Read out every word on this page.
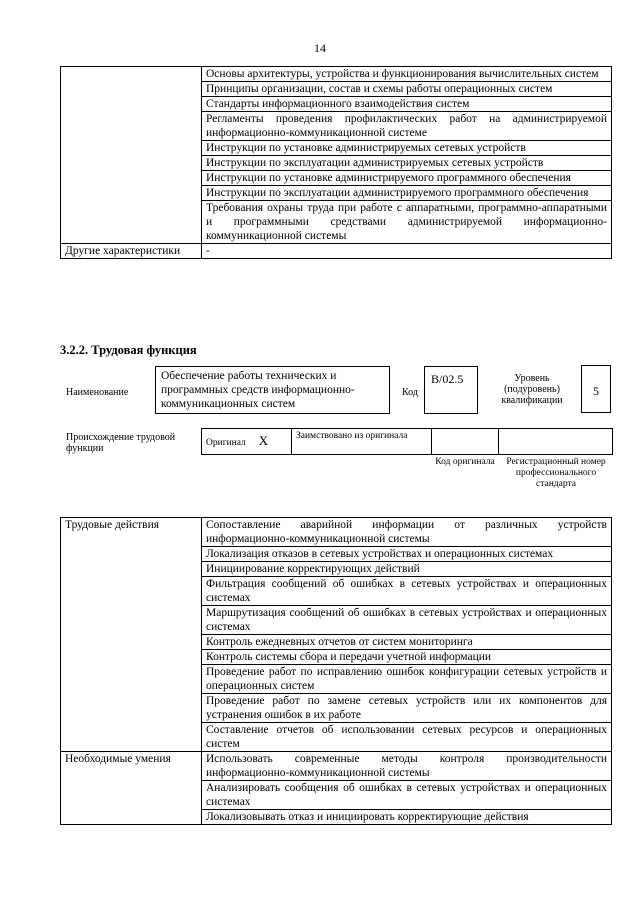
14
	Основы архитектуры, устройства и функционирования вычислительных систем
	Принципы организации, состав и схемы работы операционных систем
	Стандарты информационного взаимодействия систем
	Регламенты проведения профилактических работ на администрируемой информационно-коммуникационной системе
	Инструкции по установке администрируемых сетевых устройств
	Инструкции по эксплуатации администрируемых сетевых устройств
	Инструкции по установке администрируемого программного обеспечения
	Инструкции по эксплуатации администрируемого программного обеспечения
	Требования охраны труда при работе с аппаратными, программно-аппаратными и программными средствами администрируемой информационно-коммуникационной системы
Другие характеристики	-
3.2.2. Трудовая функция
Наименование
Обеспечение работы технических и программных средств информационно-коммуникационных систем
Код
B/02.5	Уровень (подуровень) квалификации
5
Происхождение трудовой функции	Оригинал X	Заимствовано из оригинала		
Код оригинала	Регистрационный номер профессионального стандарта
Трудовые действия	Сопоставление аварийной информации от различных устройств информационно-коммуникационной системы
	Локализация отказов в сетевых устройствах и операционных системах
	Инициирование корректирующих действий
	Фильтрация сообщений об ошибках в сетевых устройствах и операционных системах
	Маршрутизация сообщений об ошибках в сетевых устройствах и операционных системах
	Контроль ежедневных отчетов от систем мониторинга
	Контроль системы сбора и передачи учетной информации
	Проведение работ по исправлению ошибок конфигурации сетевых устройств и операционных систем
	Проведение работ по замене сетевых устройств или их компонентов для устранения ошибок в их работе
	Составление отчетов об использовании сетевых ресурсов и операционных систем
Необходимые умения	Использовать современные методы контроля производительности информационно-коммуникационной системы
	Анализировать сообщения об ошибках в сетевых устройствах и операционных системах
	Локализовывать отказ и инициировать корректирующие действия
